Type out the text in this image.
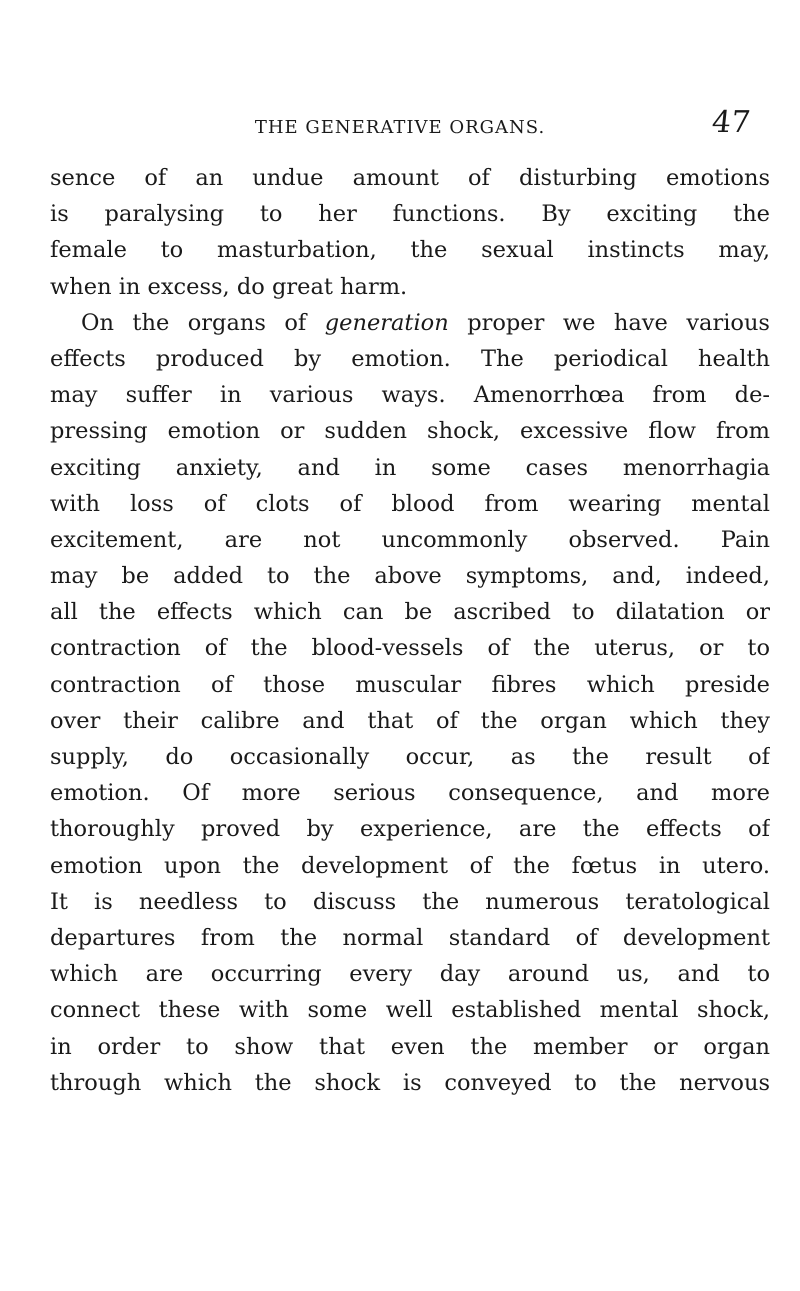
THE GENERATIVE ORGANS.	47
sence of an undue amount of disturbing emotions
is paralysing to her functions. By exciting the
female to masturbation, the sexual instincts may,
when in excess, do great harm.
On the organs of generation proper we have various
effects produced by emotion. The periodical health
may suffer in various ways. Amenorrhœa from de-
pressing emotion or sudden shock, excessive flow from
exciting anxiety, and in some cases menorrhagia
with loss of clots of blood from wearing mental
excitement, are not uncommonly observed. Pain
may be added to the above symptoms, and, indeed,
all the effects which can be ascribed to dilatation or
contraction of the blood-vessels of the uterus, or to
contraction of those muscular fibres which preside
over their calibre and that of the organ which they
supply, do occasionally occur, as the result of
emotion. Of more serious consequence, and more
thoroughly proved by experience, are the effects of
emotion upon the development of the fœtus in utero.
It is needless to discuss the numerous teratological
departures from the normal standard of development
which are occurring every day around us, and to
connect these with some well established mental shock,
in order to show that even the member or organ
through which the shock is conveyed to the nervous
